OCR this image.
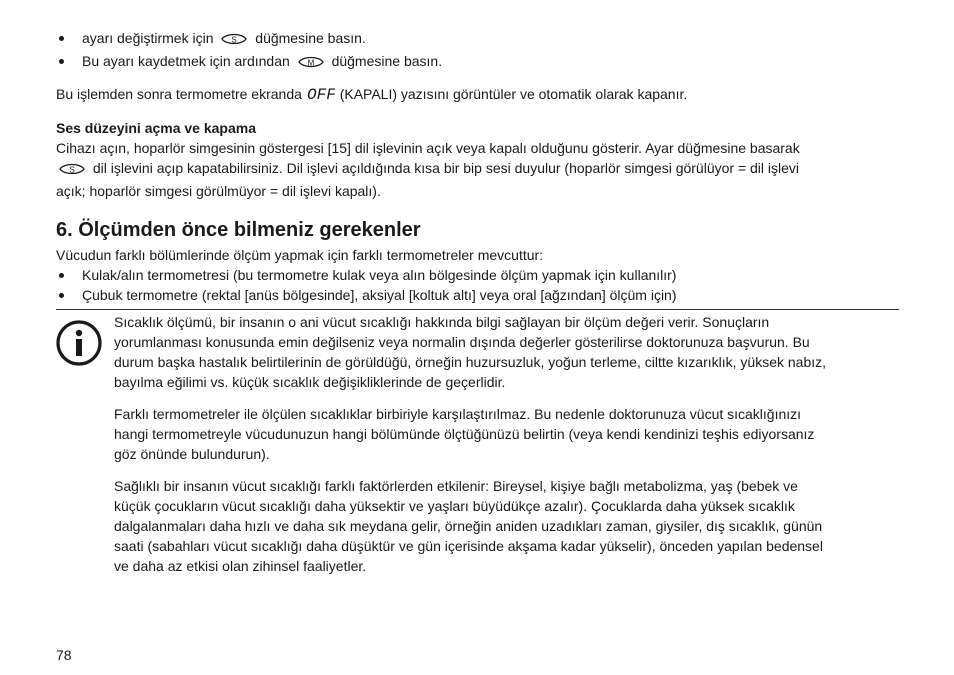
ayarı değiştirmek için S düğmesine basın.
Bu ayarı kaydetmek için ardından M düğmesine basın.
Bu işlemden sonra termometre ekranda OFF (KAPALI) yazısını görüntüler ve otomatik olarak kapanır.
Ses düzeyini açma ve kapama
Cihazı açın, hoparlör simgesinin göstergesi [15] dil işlevinin açık veya kapalı olduğunu gösterir. Ayar düğmesine basarak
S dil işlevini açıp kapatabilirsiniz. Dil işlevi açıldığında kısa bir bip sesi duyulur (hoparlör simgesi görülüyor = dil işlevi
açık; hoparlör simgesi görülmüyor = dil işlevi kapalı).
6. Ölçümden önce bilmeniz gerekenler
Vücudun farklı bölümlerinde ölçüm yapmak için farklı termometreler mevcuttur:
Kulak/alın termometresi (bu termometre kulak veya alın bölgesinde ölçüm yapmak için kullanılır)
Çubuk termometre (rektal [anüs bölgesinde], aksiyal [koltuk altı] veya oral [ağzından] ölçüm için)

Sıcaklık ölçümü, bir insanın o ani vücut sıcaklığı hakkında bilgi sağlayan bir ölçüm değeri verir. Sonuçların
yorumlanması konusunda emin değilseniz veya normalin dışında değerler gösterilirse doktorunuza başvurun. Bu
durum başka hastalık belirtilerinin de görüldüğü, örneğin huzursuzluk, yoğun terleme, ciltte kızarıklık, yüksek nabız,
bayılma eğilimi vs. küçük sıcaklık değişikliklerinde de geçerlidir.

Farklı termometreler ile ölçülen sıcaklıklar birbiriyle karşılaştırılmaz. Bu nedenle doktorunuza vücut sıcaklığınızı
hangi termometreyle vücudunuzun hangi bölümünde ölçtüğünüzü belirtin (veya kendi kendinizi teşhis ediyorsanız
göz önünde bulundurun).

Sağlıklı bir insanın vücut sıcaklığı farklı faktörlerden etkilenir: Bireysel, kişiye bağlı metabolizma, yaş (bebek ve
küçük çocukların vücut sıcaklığı daha yüksektir ve yaşları büyüdükçe azalır). Çocuklarda daha yüksek sıcaklık
dalgalanmaları daha hızlı ve daha sık meydana gelir, örneğin aniden uzadıkları zaman, giysiler, dış sıcaklık, günün
saati (sabahları vücut sıcaklığı daha düşüktür ve gün içerisinde akşama kadar yükselir), önceden yapılan bedensel
ve daha az etkisi olan zihinsel faaliyetler.

78
